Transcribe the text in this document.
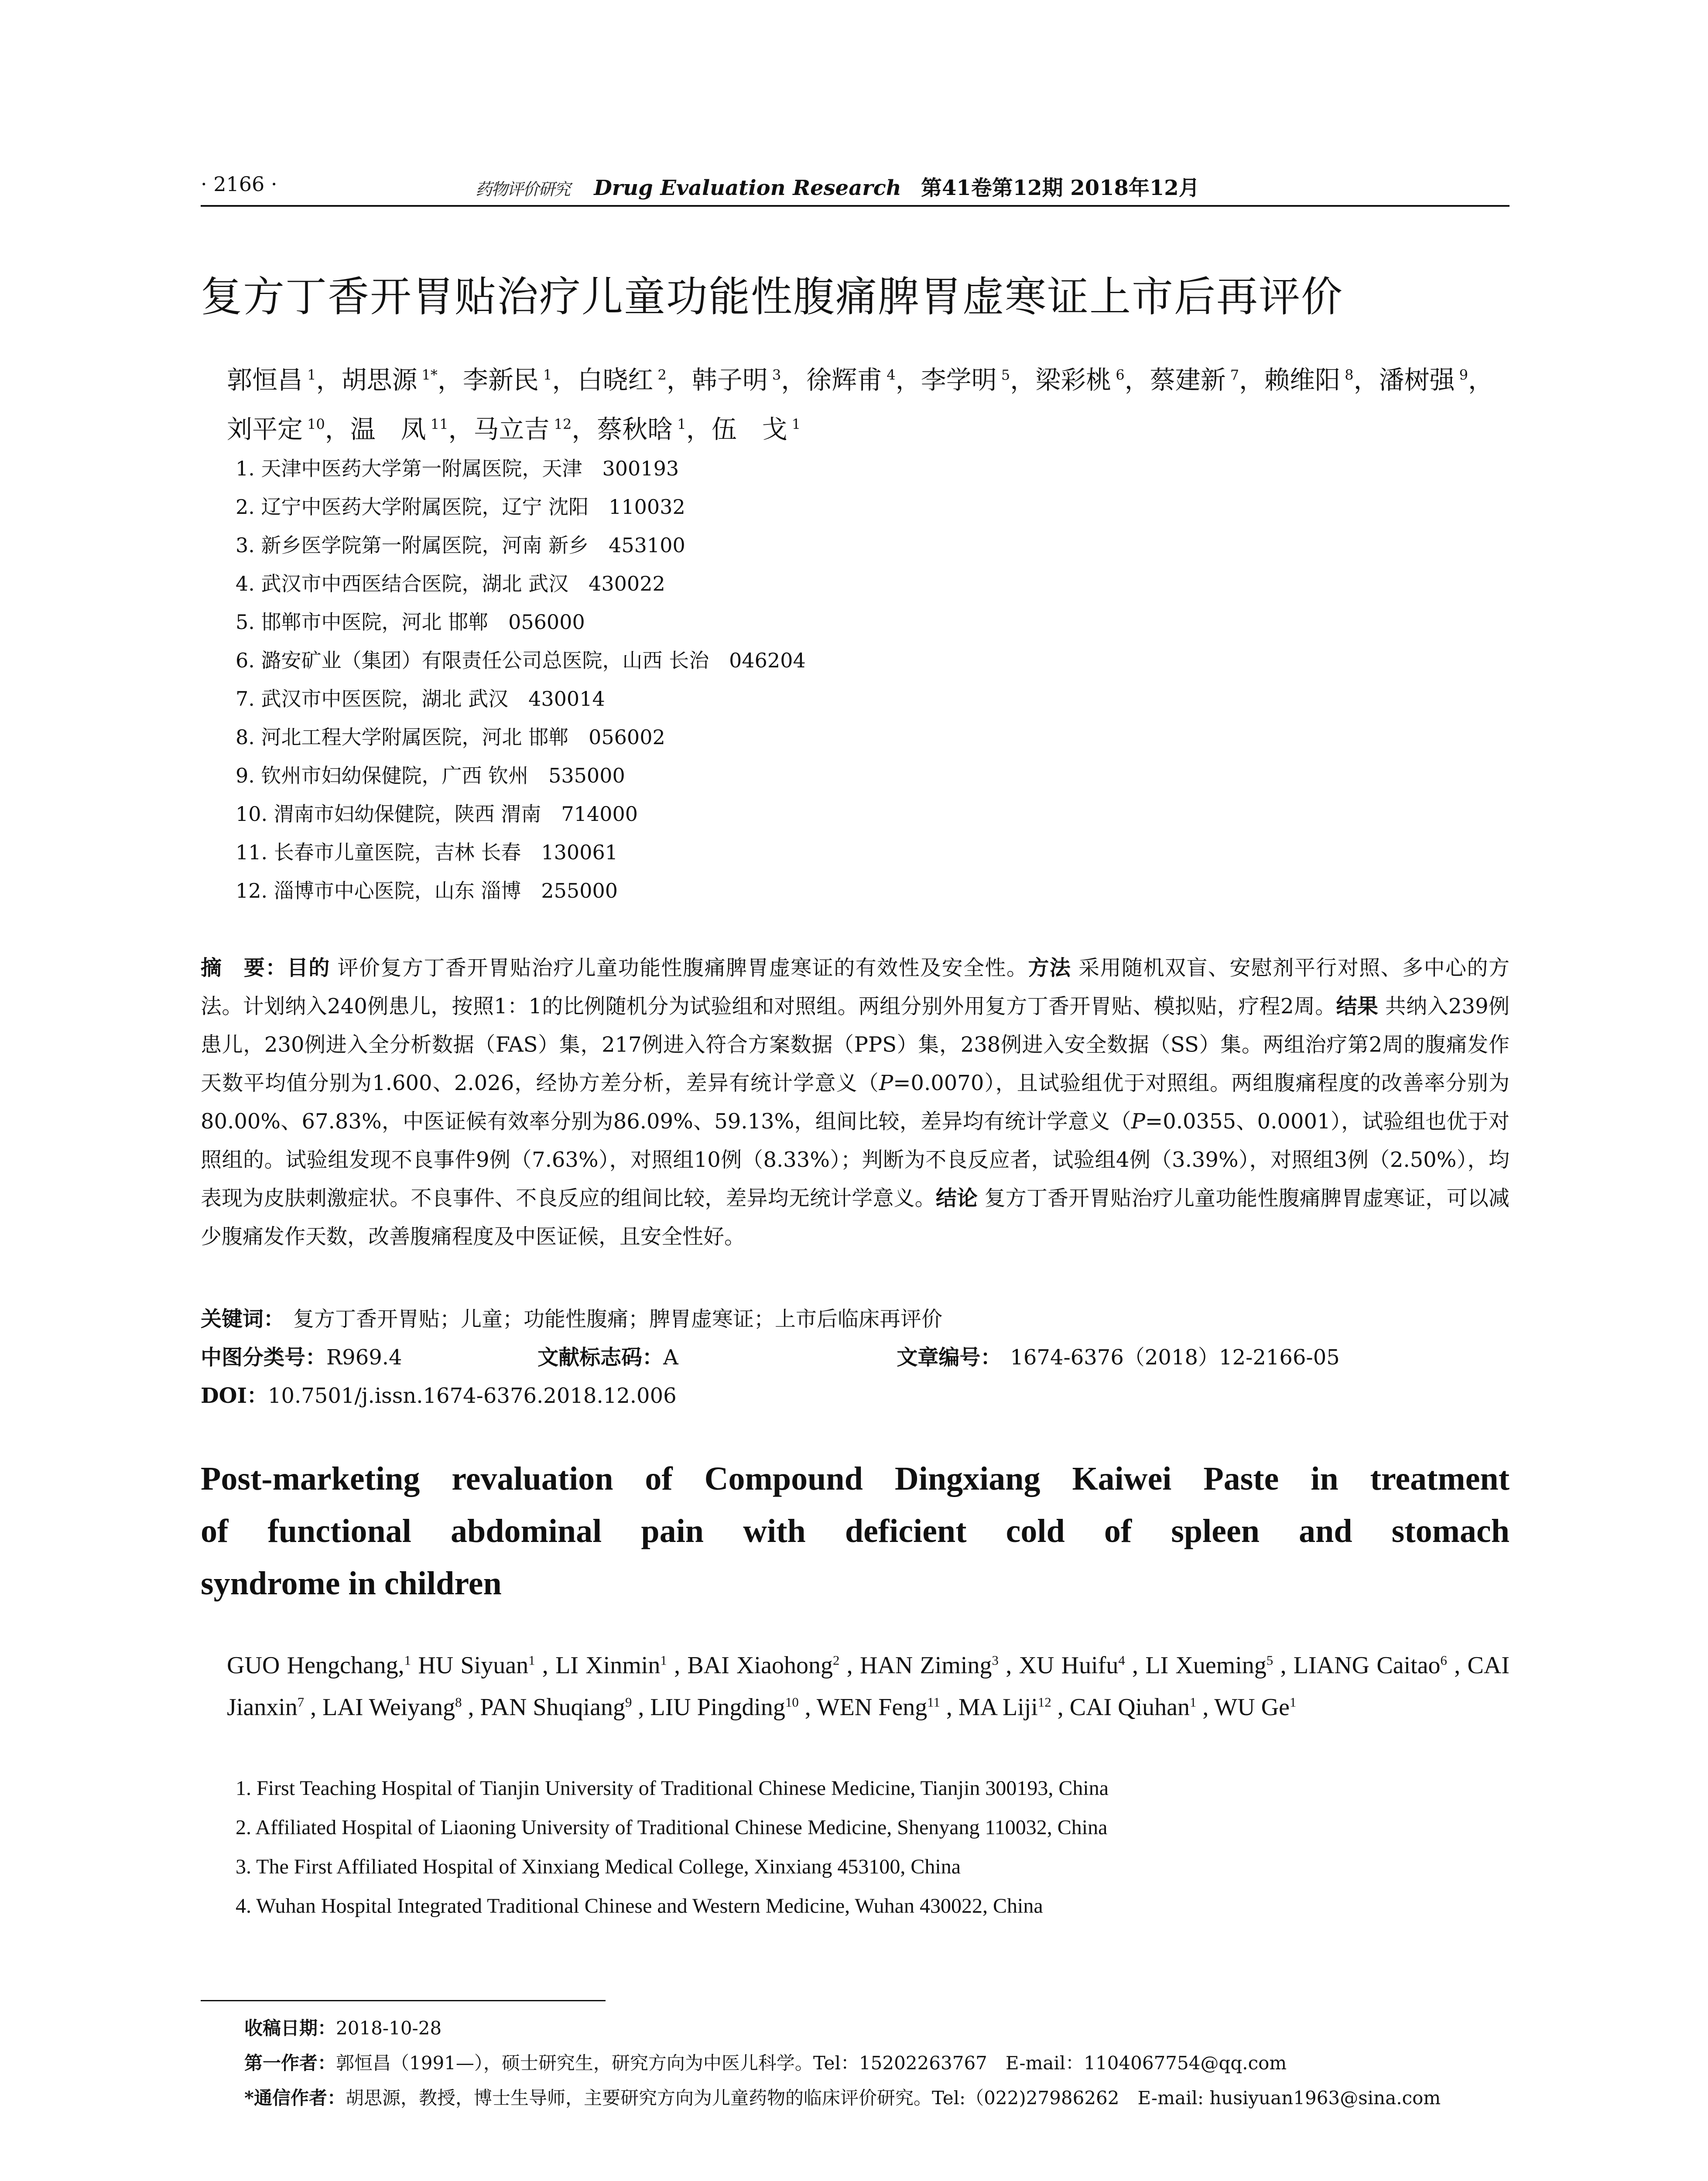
· 2166 ·	药物评价研究 Drug Evaluation Research 第41卷第12期 2018年12月
复方丁香开胃贴治疗儿童功能性腹痛脾胃虚寒证上市后再评价
郭恒昌 $^1$，胡思源 $^{1*}$，李新民 $^1$，白晓红 $^2$，韩子明 $^3$，徐辉甫 $^4$，李学明 $^5$，梁彩桃 $^6$，蔡建新 $^7$，赖维阳 $^8$，潘树强 $^9$，刘平定 $^{10}$，温　凤 $^{11}$，马立吉 $^{12}$，蔡秋晗 $^1$，伍　戈 $^1$
1. 天津中医药大学第一附属医院，天津　300193
2. 辽宁中医药大学附属医院，辽宁 沈阳　110032
3. 新乡医学院第一附属医院，河南 新乡　453100
4. 武汉市中西医结合医院，湖北 武汉　430022
5. 邯郸市中医院，河北 邯郸　056000
6. 潞安矿业（集团）有限责任公司总医院，山西 长治　046204
7. 武汉市中医医院，湖北 武汉　430014
8. 河北工程大学附属医院，河北 邯郸　056002
9. 钦州市妇幼保健院，广西 钦州　535000
10. 渭南市妇幼保健院，陕西 渭南　714000
11. 长春市儿童医院，吉林 长春　130061
12. 淄博市中心医院，山东 淄博　255000
摘　要：目的 评价复方丁香开胃贴治疗儿童功能性腹痛脾胃虚寒证的有效性及安全性。方法 采用随机双盲、安慰剂平行对照、多中心的方法。计划纳入240例患儿，按照1：1的比例随机分为试验组和对照组。两组分别外用复方丁香开胃贴、模拟贴，疗程2周。结果 共纳入239例患儿，230例进入全分析数据（FAS）集，217例进入符合方案数据（PPS）集，238例进入安全数据（SS）集。两组治疗第2周的腹痛发作天数平均值分别为1.600、2.026，经协方差分析，差异有统计学意义（P=0.0070），且试验组优于对照组。两组腹痛程度的改善率分别为80.00%、67.83%，中医证候有效率分别为86.09%、59.13%，组间比较，差异均有统计学意义（P=0.0355、0.0001），试验组也优于对照组的。试验组发现不良事件9例（7.63%），对照组10例（8.33%）；判断为不良反应者，试验组4例（3.39%），对照组3例（2.50%），均表现为皮肤刺激症状。不良事件、不良反应的组间比较，差异均无统计学意义。结论 复方丁香开胃贴治疗儿童功能性腹痛脾胃虚寒证，可以减少腹痛发作天数，改善腹痛程度及中医证候，且安全性好。
关键词： 复方丁香开胃贴；儿童；功能性腹痛；脾胃虚寒证；上市后临床再评价
中图分类号：R969.4	文献标志码：A	文章编号： 1674-6376（2018）12-2166-05
DOI：10.7501/j.issn.1674-6376.2018.12.006
Post-marketing revaluation of Compound Dingxiang Kaiwei Paste in treatment
of functional abdominal pain with deficient cold of spleen and stomach
syndrome in children
GUO Hengchang,$^1$ HU Siyuan$^1$ , LI Xinmin$^1$ , BAI Xiaohong$^2$ , HAN Ziming$^3$ , XU Huifu$^4$ , LI Xueming$^5$ , LIANG Caitao$^6$ , CAI Jianxin$^7$ , LAI Weiyang$^8$ , PAN Shuqiang$^9$ , LIU Pingding$^{10}$ , WEN Feng$^{11}$ , MA Liji$^{12}$ , CAI Qiuhan$^1$ , WU Ge$^1$
1. First Teaching Hospital of Tianjin University of Traditional Chinese Medicine, Tianjin 300193, China
2. Affiliated Hospital of Liaoning University of Traditional Chinese Medicine, Shenyang 110032, China
3. The First Affiliated Hospital of Xinxiang Medical College, Xinxiang 453100, China
4. Wuhan Hospital Integrated Traditional Chinese and Western Medicine, Wuhan 430022, China
收稿日期：2018-10-28
第一作者：郭恒昌（1991—），硕士研究生，研究方向为中医儿科学。Tel：15202263767　E-mail：1104067754@qq.com
*通信作者：胡思源，教授，博士生导师，主要研究方向为儿童药物的临床评价研究。Tel:（022)27986262　E-mail: husiyuan1963@sina.com
